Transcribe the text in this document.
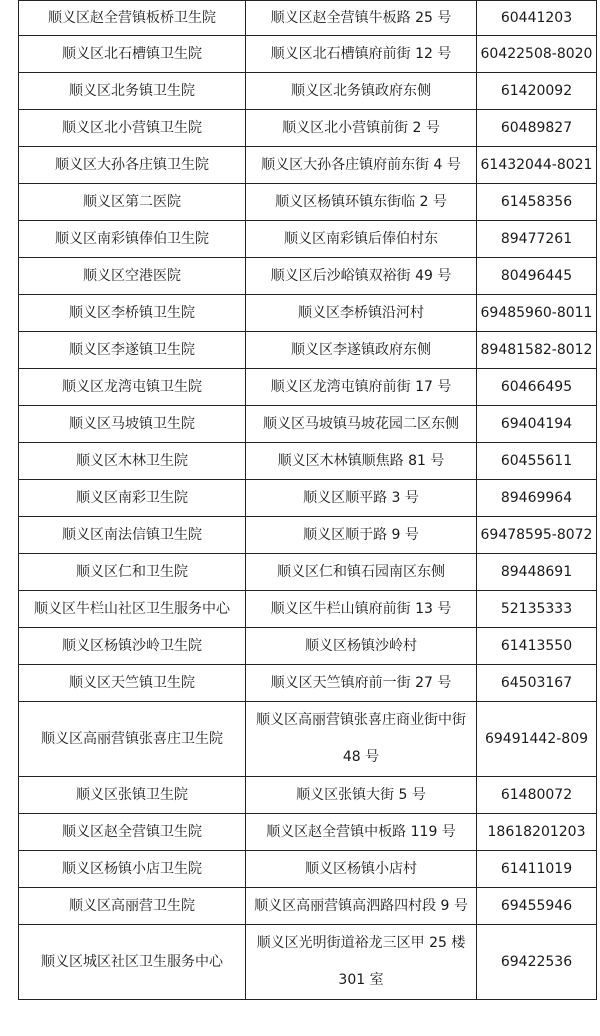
顺义区赵全营镇板桥卫生院	顺义区赵全营镇牛板路 25 号	60441203
顺义区北石槽镇卫生院	顺义区北石槽镇府前街 12 号	60422508-8020
顺义区北务镇卫生院	顺义区北务镇政府东侧	61420092
顺义区北小营镇卫生院	顺义区北小营镇前街 2 号	60489827
顺义区大孙各庄镇卫生院	顺义区大孙各庄镇府前东街 4 号	61432044-8021
顺义区第二医院	顺义区杨镇环镇东街临 2 号	61458356
顺义区南彩镇俸伯卫生院	顺义区南彩镇后俸伯村东	89477261
顺义区空港医院	顺义区后沙峪镇双裕街 49 号	80496445
顺义区李桥镇卫生院	顺义区李桥镇沿河村	69485960-8011
顺义区李遂镇卫生院	顺义区李遂镇政府东侧	89481582-8012
顺义区龙湾屯镇卫生院	顺义区龙湾屯镇府前街 17 号	60466495
顺义区马坡镇卫生院	顺义区马坡镇马坡花园二区东侧	69404194
顺义区木林卫生院	顺义区木林镇顺焦路 81 号	60455611
顺义区南彩卫生院	顺义区顺平路 3 号	89469964
顺义区南法信镇卫生院	顺义区顺于路 9 号	69478595-8072
顺义区仁和卫生院	顺义区仁和镇石园南区东侧	89448691
顺义区牛栏山社区卫生服务中心	顺义区牛栏山镇府前街 13 号	52135333
顺义区杨镇沙岭卫生院	顺义区杨镇沙岭村	61413550
顺义区天竺镇卫生院	顺义区天竺镇府前一街 27 号	64503167
顺义区高丽营镇张喜庄卫生院	顺义区高丽营镇张喜庄商业街中街 48 号	69491442-809
顺义区张镇卫生院	顺义区张镇大街 5 号	61480072
顺义区赵全营镇卫生院	顺义区赵全营镇中板路 119 号	18618201203
顺义区杨镇小店卫生院	顺义区杨镇小店村	61411019
顺义区高丽营卫生院	顺义区高丽营镇高泗路四村段 9 号	69455946
顺义区城区社区卫生服务中心	顺义区光明街道裕龙三区甲 25 楼 301 室	69422536
